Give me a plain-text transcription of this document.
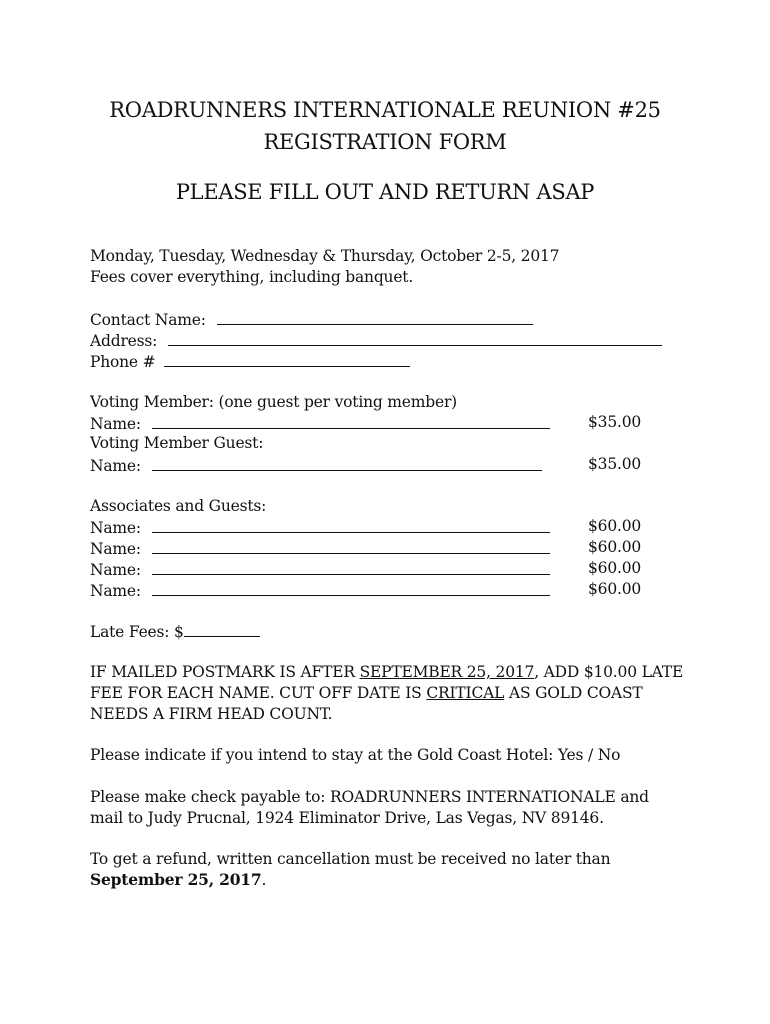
ROADRUNNERS INTERNATIONALE REUNION #25
REGISTRATION FORM
PLEASE FILL OUT AND RETURN ASAP
Monday, Tuesday, Wednesday & Thursday, October 2-5, 2017
Fees cover everything, including banquet.
Contact Name:
Address:
Phone #
Voting Member: (one guest per voting member)
Name:	$35.00
Voting Member Guest:
Name:	$35.00
Associates and Guests:
Name:	$60.00
Name:	$60.00
Name:	$60.00
Name:	$60.00
Late Fees: $
IF MAILED POSTMARK IS AFTER SEPTEMBER 25, 2017, ADD $10.00 LATE
FEE FOR EACH NAME. CUT OFF DATE IS CRITICAL AS GOLD COAST
NEEDS A FIRM HEAD COUNT.
Please indicate if you intend to stay at the Gold Coast Hotel: Yes / No
Please make check payable to: ROADRUNNERS INTERNATIONALE and
mail to Judy Prucnal, 1924 Eliminator Drive, Las Vegas, NV 89146.
To get a refund, written cancellation must be received no later than
September 25, 2017.
